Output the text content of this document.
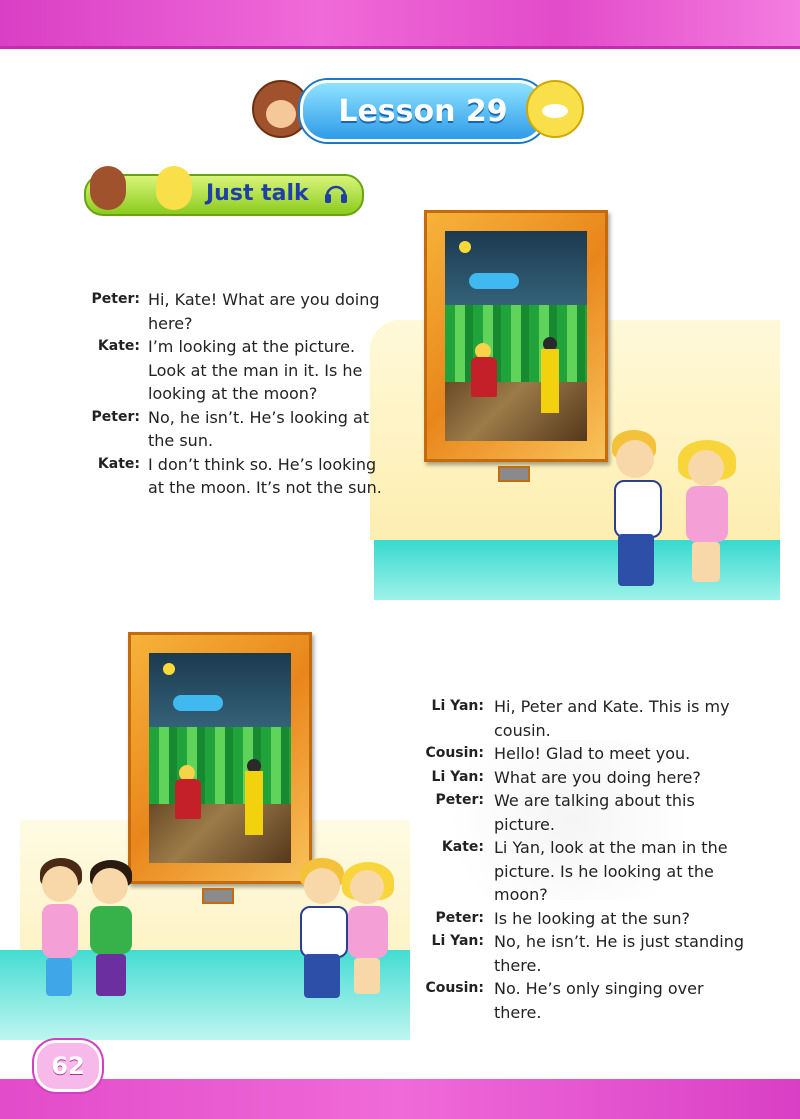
Lesson 29
Just talk
Peter: Hi, Kate! What are you doing here?
Kate: I’m looking at the picture. Look at the man in it. Is he looking at the moon?
Peter: No, he isn’t. He’s looking at the sun.
Kate: I don’t think so. He’s looking at the moon. It’s not the sun.
Li Yan: Hi, Peter and Kate. This is my cousin.
Cousin: Hello! Glad to meet you.
Li Yan: What are you doing here?
Peter: We are talking about this picture.
Kate: Li Yan, look at the man in the picture. Is he looking at the moon?
Peter: Is he looking at the sun?
Li Yan: No, he isn’t. He is just standing there.
Cousin: No. He’s only singing over there.
62
